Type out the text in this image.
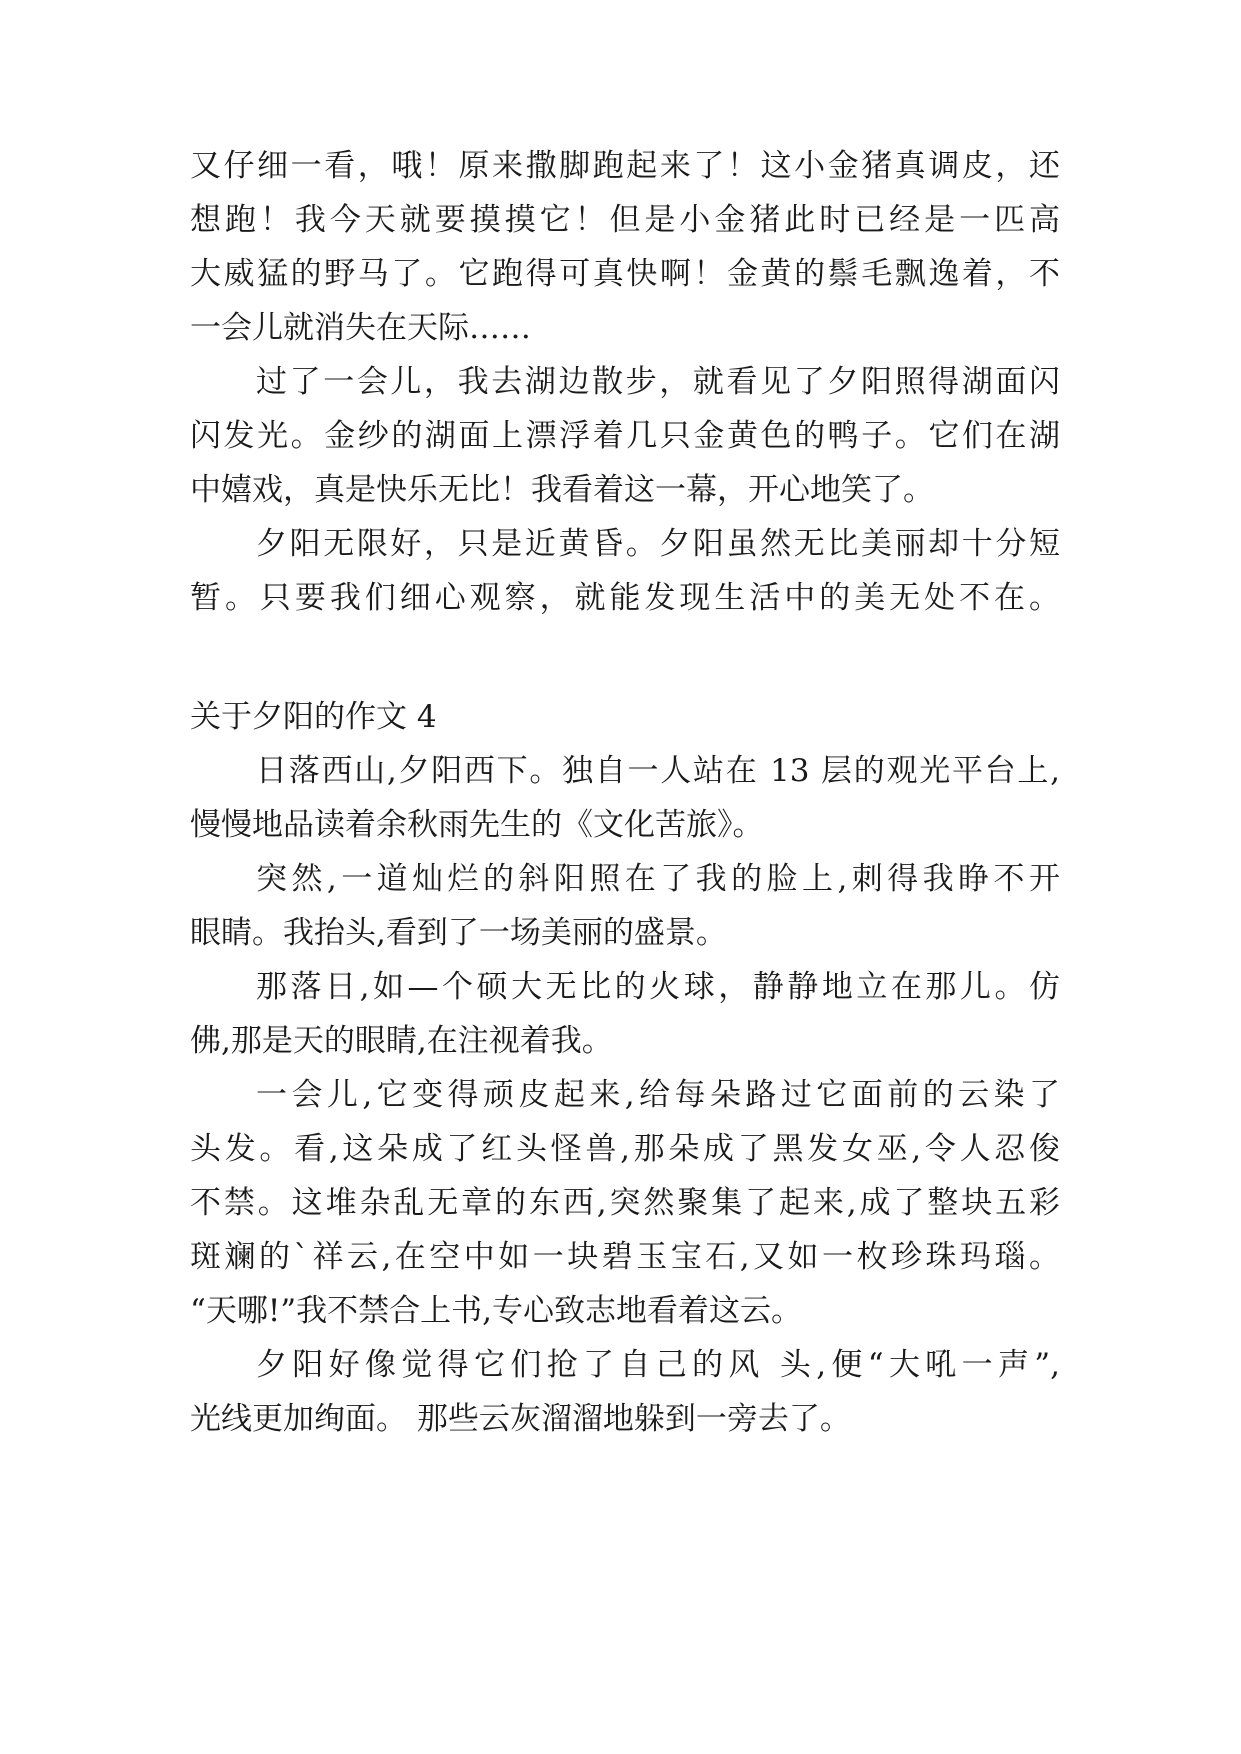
又仔细一看，哦！原来撒脚跑起来了！这小金猪真调皮，还
想跑！我今天就要摸摸它！但是小金猪此时已经是一匹高
大威猛的野马了。它跑得可真快啊！金黄的鬃毛飘逸着，不
一会儿就消失在天际……
过了一会儿，我去湖边散步，就看见了夕阳照得湖面闪
闪发光。金纱的湖面上漂浮着几只金黄色的鸭子。它们在湖
中嬉戏，真是快乐无比！我看着这一幕，开心地笑了。
夕阳无限好，只是近黄昏。夕阳虽然无比美丽却十分短
暂。只要我们细心观察，就能发现生活中的美无处不在。
关于夕阳的作文 4
日落西山,夕阳西下。独自一人站在 13 层的观光平台上,
慢慢地品读着余秋雨先生的《文化苦旅》。
突然,一道灿烂的斜阳照在了我的脸上,刺得我睁不开
眼睛。我抬头,看到了一场美丽的盛景。
那落日,如—个硕大无比的火球，静静地立在那儿。仿
佛,那是天的眼睛,在注视着我。
一会儿,它变得顽皮起来,给每朵路过它面前的云染了
头发。看,这朵成了红头怪兽,那朵成了黑发女巫,令人忍俊
不禁。这堆杂乱无章的东西,突然聚集了起来,成了整块五彩
斑斓的`祥云,在空中如一块碧玉宝石,又如一枚珍珠玛瑙。
“天哪!”我不禁合上书,专心致志地看着这云。
夕阳好像觉得它们抢了自己的风 头,便“大吼一声”,
光线更加绚面。 那些云灰溜溜地躲到一旁去了。
